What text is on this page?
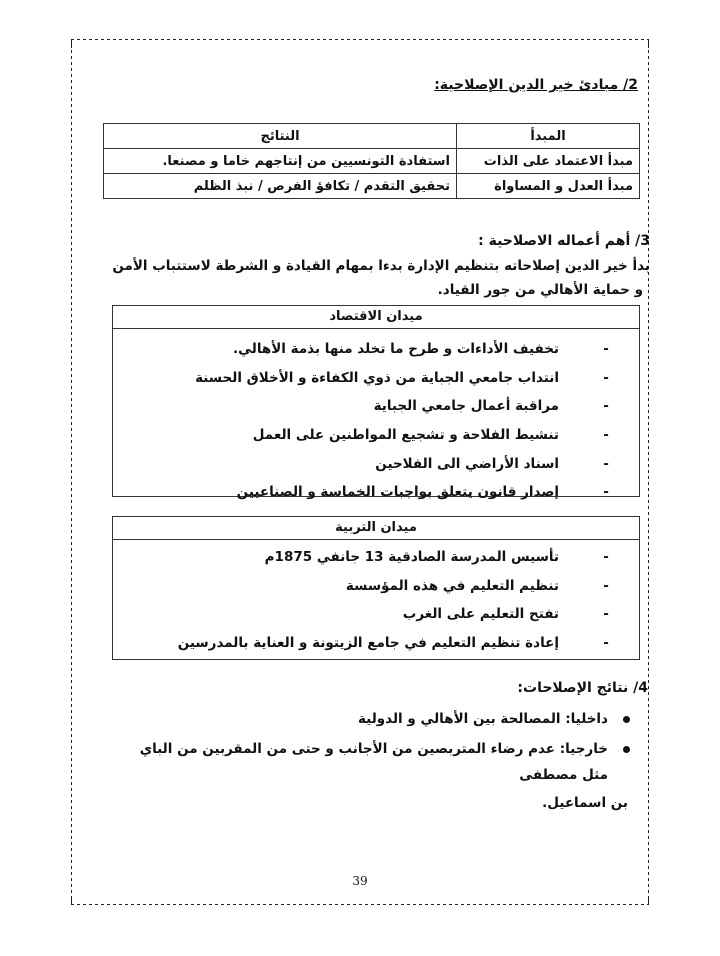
2/ مبادئ خير الدين الإصلاحية:
المبدأ	النتائج
مبدأ الاعتماد على الذات	استفادة التونسيين من إنتاجهم خاما و مصنعا.
مبدأ العدل و المساواة	تحقيق التقدم / تكافؤ الفرص / نبذ الظلم
3/ أهم أعماله الاصلاحية :
بدأ خير الدين إصلاحاته بتنظيم الإدارة بدءا بمهام القيادة و الشرطة لاستتباب الأمن
و حماية الأهالي من جور القياد.
ميدان الاقتصاد
-
تخفيف الأداءات و طرح ما تخلد منها بذمة الأهالي.
-
انتداب جامعي الجباية من ذوي الكفاءة و الأخلاق الحسنة
-
مراقبة أعمال جامعي الجباية
-
تنشيط الفلاحة و تشجيع المواطنين على العمل
-
اسناد الأراضي الى الفلاحين
-
إصدار قانون يتعلق بواجبات الخماسة و الصناعيين
ميدان التربية
-
تأسيس المدرسة الصادقية 13 جانفي 1875م
-
تنظيم التعليم في هذه المؤسسة
-
تفتح التعليم على الغرب
-
إعادة تنظيم التعليم في جامع الزيتونة و العناية بالمدرسين
4/ نتائج الإصلاحات:
داخليا: المصالحة بين الأهالي و الدولية
خارجيا: عدم رضاء المتربصين من الأجانب و حتى من المقربين من الباي مثل مصطفى
بن اسماعيل.
39
